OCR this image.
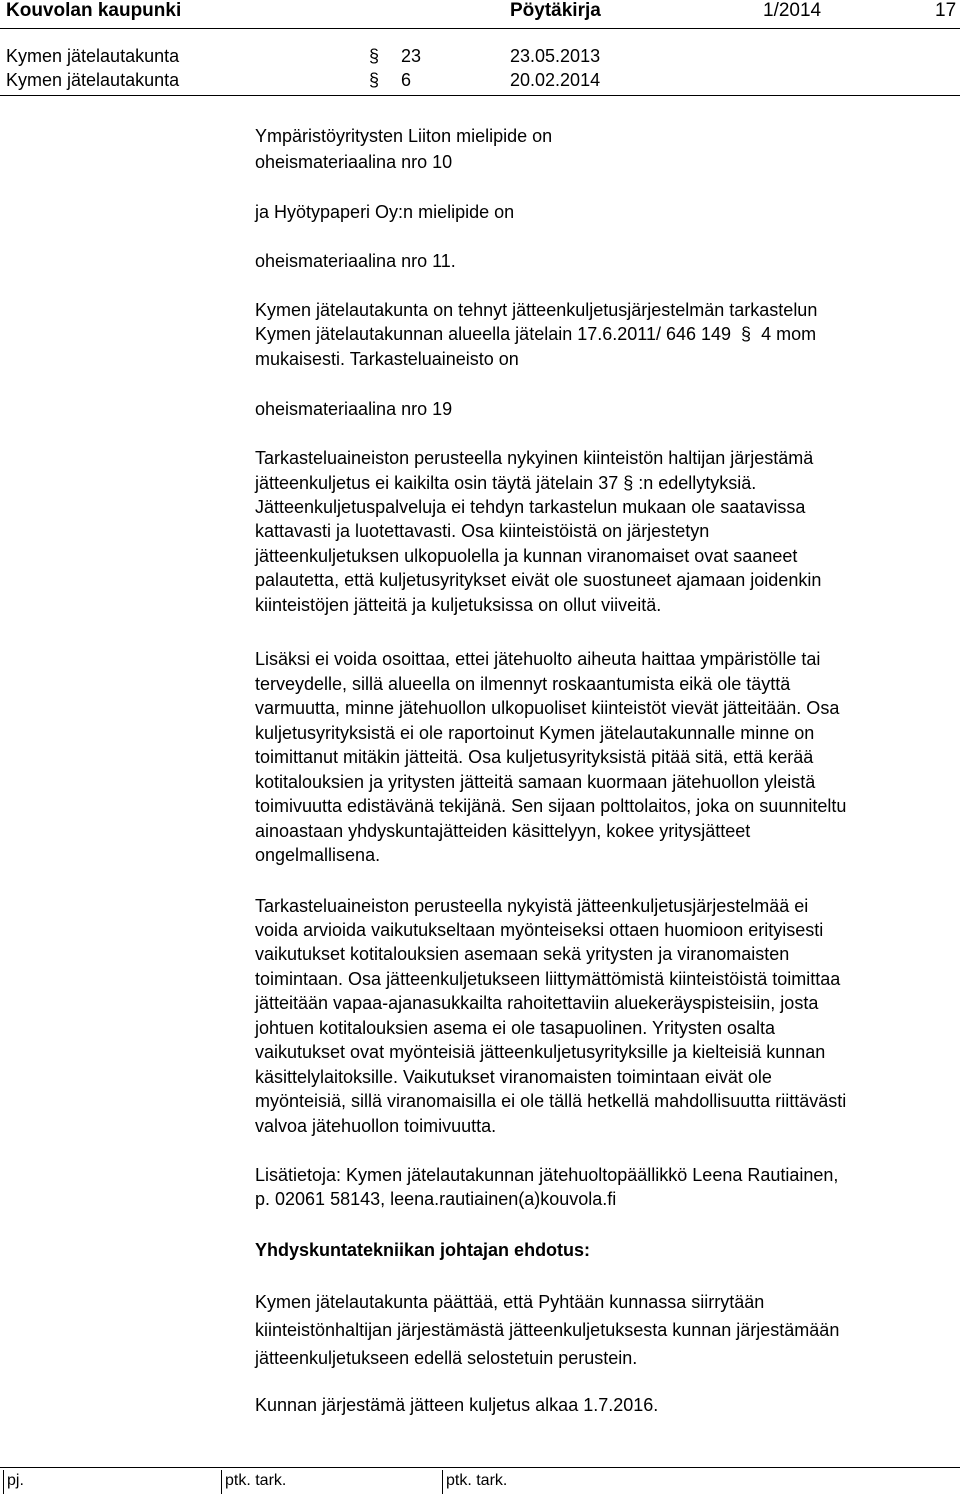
Kouvolan kaupunki	Pöytäkirja	1/2014	17
Kymen jätelautakunta	§ 23	23.05.2013
Kymen jätelautakunta	§ 6	20.02.2014
Ympäristöyritysten Liiton mielipide on
oheismateriaalina nro 10
ja Hyötypaperi Oy:n mielipide on
oheismateriaalina nro 11.
Kymen jätelautakunta on tehnyt jätteenkuljetusjärjestelmän tarkastelun
Kymen jätelautakunnan alueella jätelain 17.6.2011/ 646 149 § 4 mom
mukaisesti. Tarkasteluaineisto on
oheismateriaalina nro 19
Tarkasteluaineiston perusteella nykyinen kiinteistön haltijan järjestämä
jätteenkuljetus ei kaikilta osin täytä jätelain 37 § :n edellytyksiä.
Jätteenkuljetuspalveluja ei tehdyn tarkastelun mukaan ole saatavissa
kattavasti ja luotettavasti. Osa kiinteistöistä on järjestetyn
jätteenkuljetuksen ulkopuolella ja kunnan viranomaiset ovat saaneet
palautetta, että kuljetusyritykset eivät ole suostuneet ajamaan joidenkin
kiinteistöjen jätteitä ja kuljetuksissa on ollut viiveitä.
Lisäksi ei voida osoittaa, ettei jätehuolto aiheuta haittaa ympäristölle tai
terveydelle, sillä alueella on ilmennyt roskaantumista eikä ole täyttä
varmuutta, minne jätehuollon ulkopuoliset kiinteistöt vievät jätteitään. Osa
kuljetusyrityksistä ei ole raportoinut Kymen jätelautakunnalle minne on
toimittanut mitäkin jätteitä. Osa kuljetusyrityksistä pitää sitä, että kerää
kotitalouksien ja yritysten jätteitä samaan kuormaan jätehuollon yleistä
toimivuutta edistävänä tekijänä. Sen sijaan polttolaitos, joka on suunniteltu
ainoastaan yhdyskuntajätteiden käsittelyyn, kokee yritysjätteet
ongelmallisena.
Tarkasteluaineiston perusteella nykyistä jätteenkuljetusjärjestelmää ei
voida arvioida vaikutukseltaan myönteiseksi ottaen huomioon erityisesti
vaikutukset kotitalouksien asemaan sekä yritysten ja viranomaisten
toimintaan. Osa jätteenkuljetukseen liittymättömistä kiinteistöistä toimittaa
jätteitään vapaa-ajanasukkailta rahoitettaviin aluekeräyspisteisiin, josta
johtuen kotitalouksien asema ei ole tasapuolinen. Yritysten osalta
vaikutukset ovat myönteisiä jätteenkuljetusyrityksille ja kielteisiä kunnan
käsittelylaitoksille. Vaikutukset viranomaisten toimintaan eivät ole
myönteisiä, sillä viranomaisilla ei ole tällä hetkellä mahdollisuutta riittävästi
valvoa jätehuollon toimivuutta.
Lisätietoja: Kymen jätelautakunnan jätehuoltopäällikkö Leena Rautiainen,
p. 02061 58143, leena.rautiainen(a)kouvola.fi
Yhdyskuntatekniikan johtajan ehdotus:
Kymen jätelautakunta päättää, että Pyhtään kunnassa siirrytään
kiinteistönhaltijan järjestämästä jätteenkuljetuksesta kunnan järjestämään
jätteenkuljetukseen edellä selostetuin perustein.
Kunnan järjestämä jätteen kuljetus alkaa 1.7.2016.
pj.	ptk. tark.	ptk. tark.
